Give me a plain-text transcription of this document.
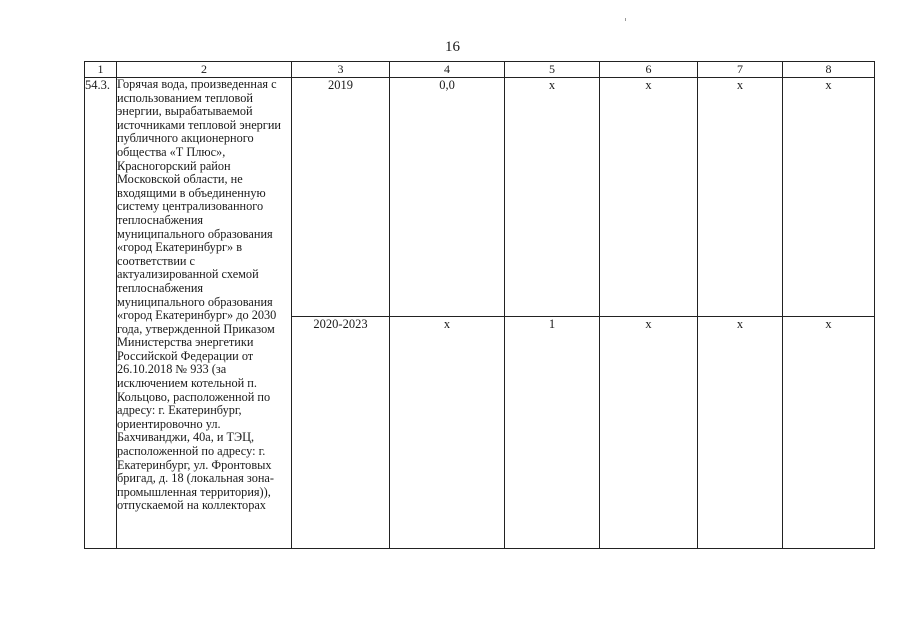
16
1	2	3	4	5	6	7	8
54.3.	Горячая вода, произведенная с использованием тепловой энергии, вырабатываемой источниками тепловой энергии публичного акционерного общества «Т Плюс», Красногорский район Московской области, не входящими в объединенную систему централизованного теплоснабжения муниципального образования «город Екатеринбург» в соответствии с актуализированной схемой теплоснабжения муниципального образования «город Екатеринбург» до 2030 года, утвержденной Приказом Министерства энергетики Российской Федерации от 26.10.2018 № 933 (за исключением котельной п. Кольцово, расположенной по адресу: г. Екатеринбург, ориентировочно ул. Бахчиванджи, 40а, и ТЭЦ, расположенной по адресу: г. Екатеринбург, ул. Фронтовых бригад, д. 18 (локальная зона-промышленная территория)), отпускаемой на коллекторах	2019	0,0	x	x	x	x
		2020-2023	x	1	x	x	x
